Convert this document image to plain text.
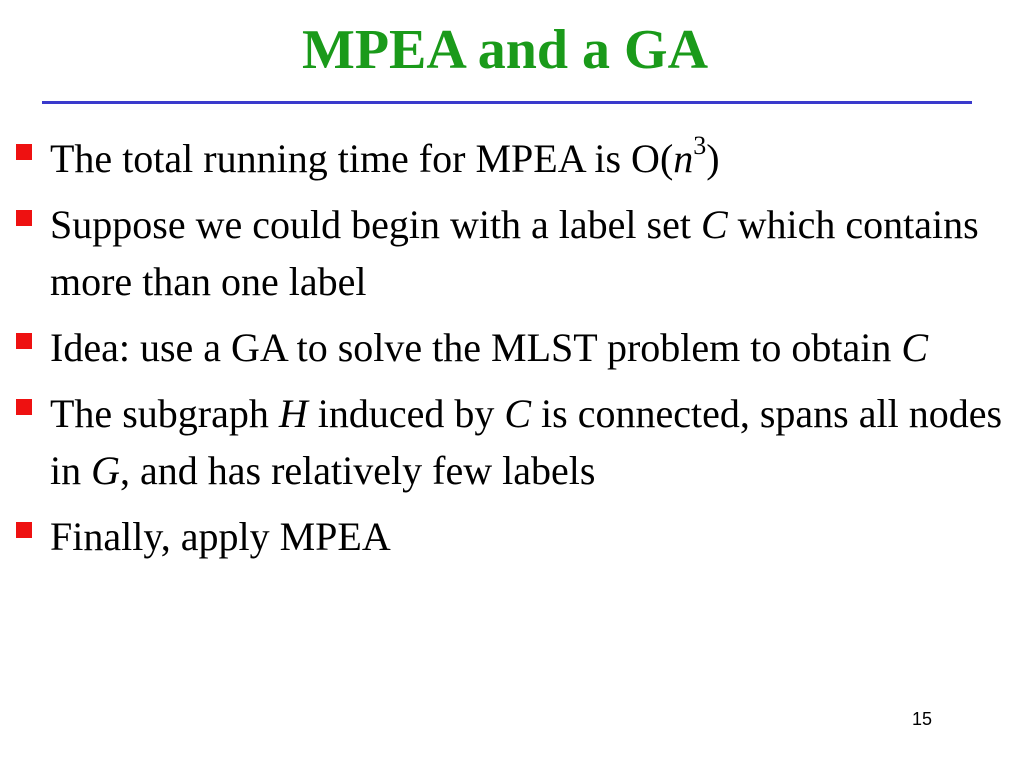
MPEA and a GA
The total running time for MPEA is $O(n^3)$
Suppose we could begin with a label set C which contains more than one label
Idea: use a GA to solve the MLST problem to obtain C
The subgraph H induced by C is connected, spans all nodes in G, and has relatively few labels
Finally, apply MPEA
15
